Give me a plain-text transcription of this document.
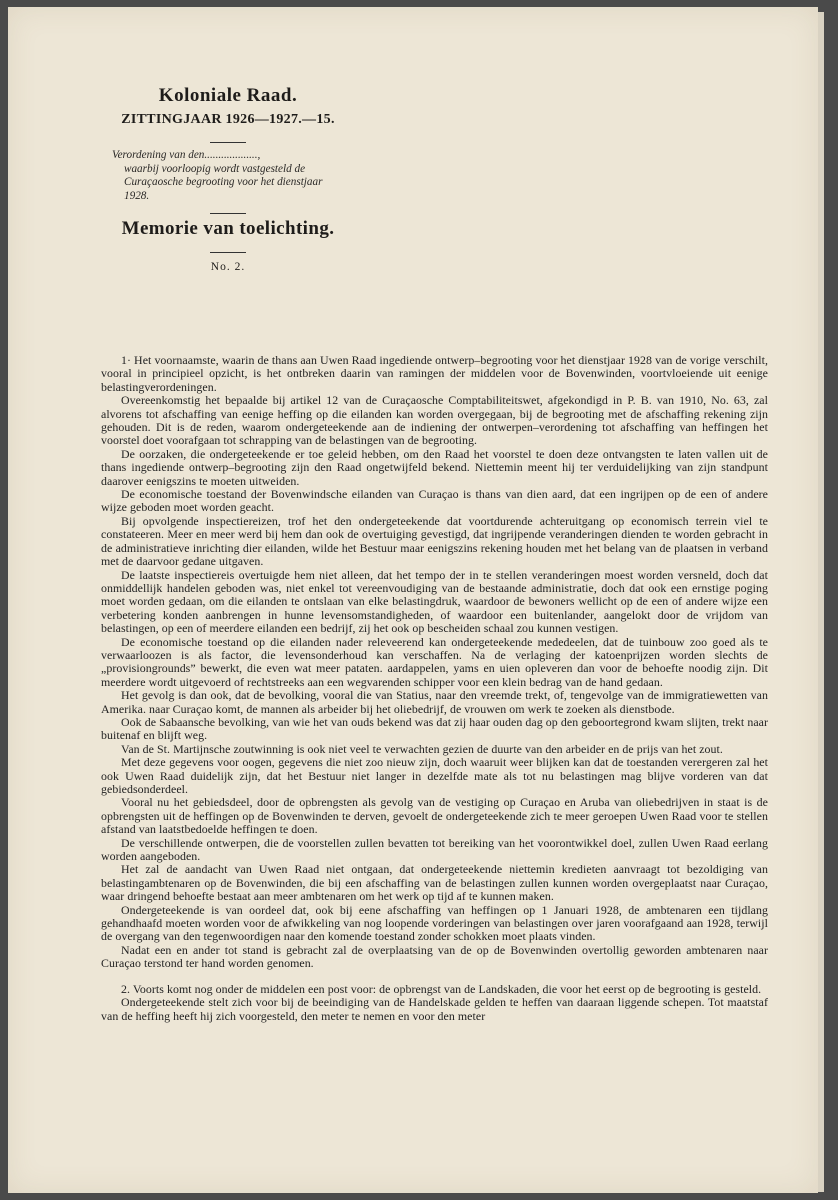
Koloniale Raad.
ZITTINGJAAR 1926—1927.—15.
Verordening van den...................,
waarbij voorloopig wordt vastgesteld de Curaçaosche begrooting voor het dienstjaar 1928.
Memorie van toelichting.
No. 2.

1· Het voornaamste, waarin de thans aan Uwen Raad ingediende ontwerp–begrooting voor het dienstjaar 1928 van de vorige verschilt, vooral in principieel opzicht, is het ontbreken daarin van ramingen der middelen voor de Bovenwinden, voortvloeiende uit eenige belastingverordeningen.

Overeenkomstig het bepaalde bij artikel 12 van de Curaçaosche Comptabiliteitswet, afgekondigd in P. B. van 1910, No. 63, zal alvorens tot afschaffing van eenige heffing op die eilanden kan worden overgegaan, bij de begrooting met de afschaffing rekening zijn gehouden. Dit is de reden, waarom ondergeteekende aan de indiening der ontwerpen–verordening tot afschaffing van heffingen het voorstel doet voorafgaan tot schrapping van de belastingen van de begrooting.

De oorzaken, die ondergeteekende er toe geleid hebben, om den Raad het voorstel te doen deze ontvangsten te laten vallen uit de thans ingediende ontwerp–begrooting zijn den Raad ongetwijfeld bekend. Niettemin meent hij ter verduidelijking van zijn standpunt daarover eenigszins te moeten uitweiden.

De economische toestand der Bovenwindsche eilanden van Curaçao is thans van dien aard, dat een ingrijpen op de een of andere wijze geboden moet worden geacht.

Bij opvolgende inspectiereizen, trof het den ondergeteekende dat voortdurende achteruitgang op economisch terrein viel te constateeren. Meer en meer werd bij hem dan ook de overtuiging gevestigd, dat ingrijpende veranderingen dienden te worden gebracht in de administratieve inrichting dier eilanden, wilde het Bestuur maar eenigszins rekening houden met het belang van de plaatsen in verband met de daarvoor gedane uitgaven.

De laatste inspectiereis overtuigde hem niet alleen, dat het tempo der in te stellen veranderingen moest worden versneld, doch dat onmiddellijk handelen geboden was, niet enkel tot vereenvoudiging van de bestaande administratie, doch dat ook een ernstige poging moet worden gedaan, om die eilanden te ontslaan van elke belastingdruk, waardoor de bewoners wellicht op de een of andere wijze een verbetering konden aanbrengen in hunne levensomstandigheden, of waardoor een buitenlander, aangelokt door de vrijdom van belastingen, op een of meerdere eilanden een bedrijf, zij het ook op bescheiden schaal zou kunnen vestigen.

De economische toestand op die eilanden nader releveerend kan ondergeteekende mededeelen, dat de tuinbouw zoo goed als te verwaarloozen is als factor, die levensonderhoud kan verschaffen. Na de verlaging der katoenprijzen worden slechts de „provisiongrounds” bewerkt, die even wat meer pataten. aardappelen, yams en uien opleveren dan voor de behoefte noodig zijn. Dit meerdere wordt uitgevoerd of rechtstreeks aan een wegvarenden schipper voor een klein bedrag van de hand gedaan.

Het gevolg is dan ook, dat de bevolking, vooral die van Statius, naar den vreemde trekt, of, tengevolge van de immigratiewetten van Amerika. naar Curaçao komt, de mannen als arbeider bij het oliebedrijf, de vrouwen om werk te zoeken als dienstbode.

Ook de Sabaansche bevolking, van wie het van ouds bekend was dat zij haar ouden dag op den geboortegrond kwam slijten, trekt naar buitenaf en blijft weg.

Van de St. Martijnsche zoutwinning is ook niet veel te verwachten gezien de duurte van den arbeider en de prijs van het zout.

Met deze gegevens voor oogen, gegevens die niet zoo nieuw zijn, doch waaruit weer blijken kan dat de toestanden verergeren zal het ook Uwen Raad duidelijk zijn, dat het Bestuur niet langer in dezelfde mate als tot nu belastingen mag blijve vorderen van dat gebiedsonderdeel.

Vooral nu het gebiedsdeel, door de opbrengsten als gevolg van de vestiging op Curaçao en Aruba van oliebedrijven in staat is de opbrengsten uit de heffingen op de Bovenwinden te derven, gevoelt de ondergeteekende zich te meer geroepen Uwen Raad voor te stellen afstand van laatstbedoelde heffingen te doen.

De verschillende ontwerpen, die de voorstellen zullen bevatten tot bereiking van het voorontwikkel doel, zullen Uwen Raad eerlang worden aangeboden.

Het zal de aandacht van Uwen Raad niet ontgaan, dat ondergeteekende niettemin kredieten aanvraagt tot bezoldiging van belastingambtenaren op de Bovenwinden, die bij een afschaffing van de belastingen zullen kunnen worden overgeplaatst naar Curaçao, waar dringend behoefte bestaat aan meer ambtenaren om het werk op tijd af te kunnen maken.

Ondergeteekende is van oordeel dat, ook bij eene afschaffing van heffingen op 1 Januari 1928, de ambtenaren een tijdlang gehandhaafd moeten worden voor de afwikkeling van nog loopende vorderingen van belastingen over jaren voorafgaand aan 1928, terwijl de overgang van den tegenwoordigen naar den komende toestand zonder schokken moet plaats vinden.

Nadat een en ander tot stand is gebracht zal de overplaatsing van de op de Bovenwinden overtollig geworden ambtenaren naar Curaçao terstond ter hand worden genomen.

2. Voorts komt nog onder de middelen een post voor: de opbrengst van de Landskaden, die voor het eerst op de begrooting is gesteld.

Ondergeteekende stelt zich voor bij de beeindiging van de Handelskade gelden te heffen van daaraan liggende schepen. Tot maatstaf van de heffing heeft hij zich voorgesteld, den meter te nemen en voor den meter
